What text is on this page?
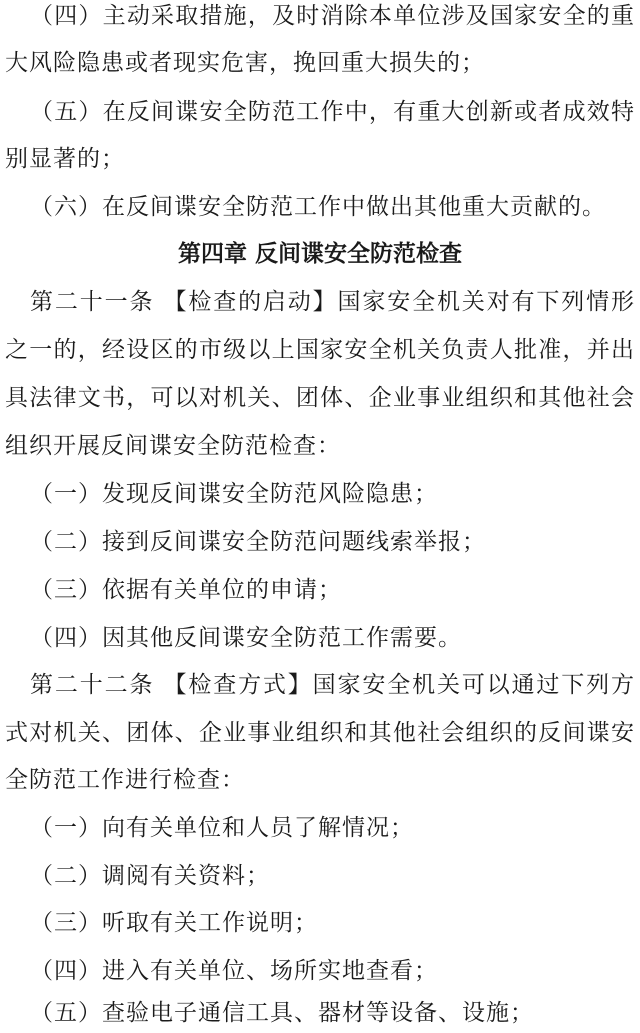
（四）主动采取措施，及时消除本单位涉及国家安全的重
大风险隐患或者现实危害，挽回重大损失的；
（五）在反间谍安全防范工作中，有重大创新或者成效特
别显著的；
（六）在反间谍安全防范工作中做出其他重大贡献的。
第四章 反间谍安全防范检查
第二十一条 【检查的启动】国家安全机关对有下列情形
之一的，经设区的市级以上国家安全机关负责人批准，并出
具法律文书，可以对机关、团体、企业事业组织和其他社会
组织开展反间谍安全防范检查：
（一）发现反间谍安全防范风险隐患；
（二）接到反间谍安全防范问题线索举报；
（三）依据有关单位的申请；
（四）因其他反间谍安全防范工作需要。
第二十二条 【检查方式】国家安全机关可以通过下列方
式对机关、团体、企业事业组织和其他社会组织的反间谍安
全防范工作进行检查：
（一）向有关单位和人员了解情况；
（二）调阅有关资料；
（三）听取有关工作说明；
（四）进入有关单位、场所实地查看；
（五）查验电子通信工具、器材等设备、设施；
